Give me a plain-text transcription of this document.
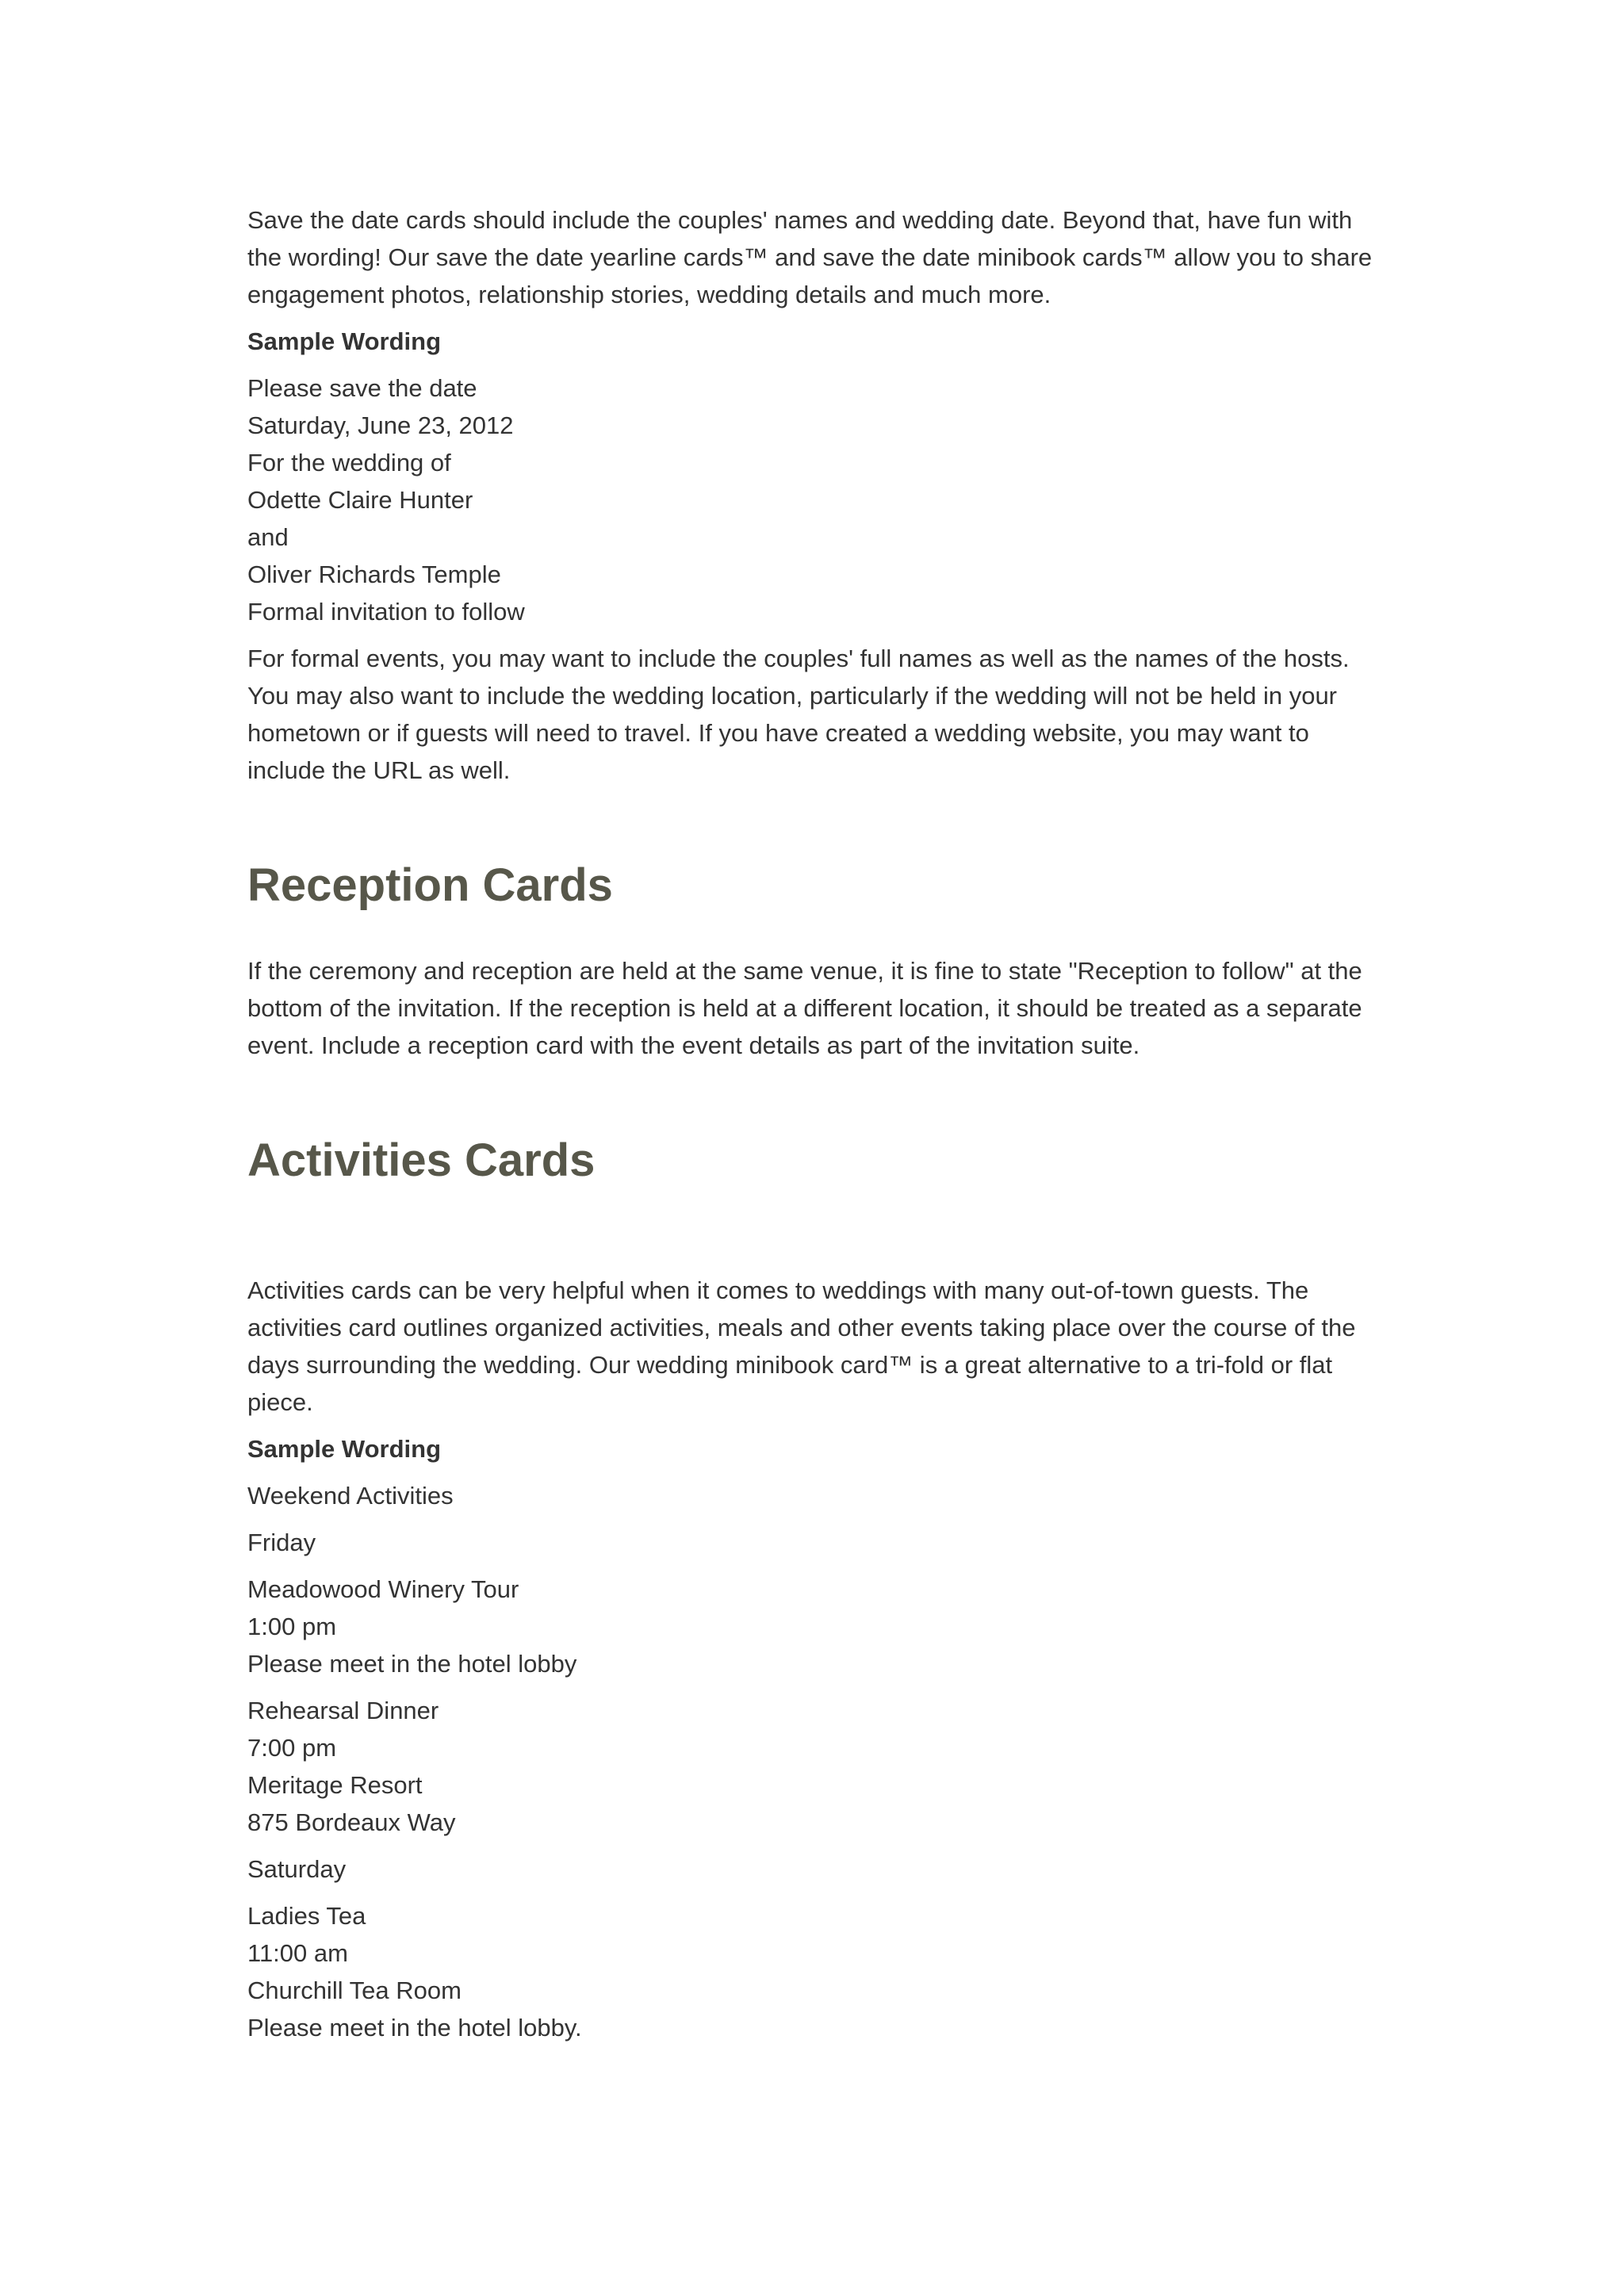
Save the date cards should include the couples' names and wedding date. Beyond that, have fun with the wording! Our save the date yearline cards™ and save the date minibook cards™ allow you to share engagement photos, relationship stories, wedding details and much more.

Sample Wording

Please save the date
Saturday, June 23, 2012
For the wedding of
Odette Claire Hunter
and
Oliver Richards Temple
Formal invitation to follow

For formal events, you may want to include the couples' full names as well as the names of the hosts. You may also want to include the wedding location, particularly if the wedding will not be held in your hometown or if guests will need to travel. If you have created a wedding website, you may want to include the URL as well.

Reception Cards

If the ceremony and reception are held at the same venue, it is fine to state "Reception to follow" at the bottom of the invitation. If the reception is held at a different location, it should be treated as a separate event. Include a reception card with the event details as part of the invitation suite.

Activities Cards

Activities cards can be very helpful when it comes to weddings with many out-of-town guests. The activities card outlines organized activities, meals and other events taking place over the course of the days surrounding the wedding. Our wedding minibook card™ is a great alternative to a tri-fold or flat piece.

Sample Wording

Weekend Activities

Friday

Meadowood Winery Tour
1:00 pm
Please meet in the hotel lobby
Rehearsal Dinner
7:00 pm
Meritage Resort
875 Bordeaux Way

Saturday

Ladies Tea
11:00 am
Churchill Tea Room
Please meet in the hotel lobby.
